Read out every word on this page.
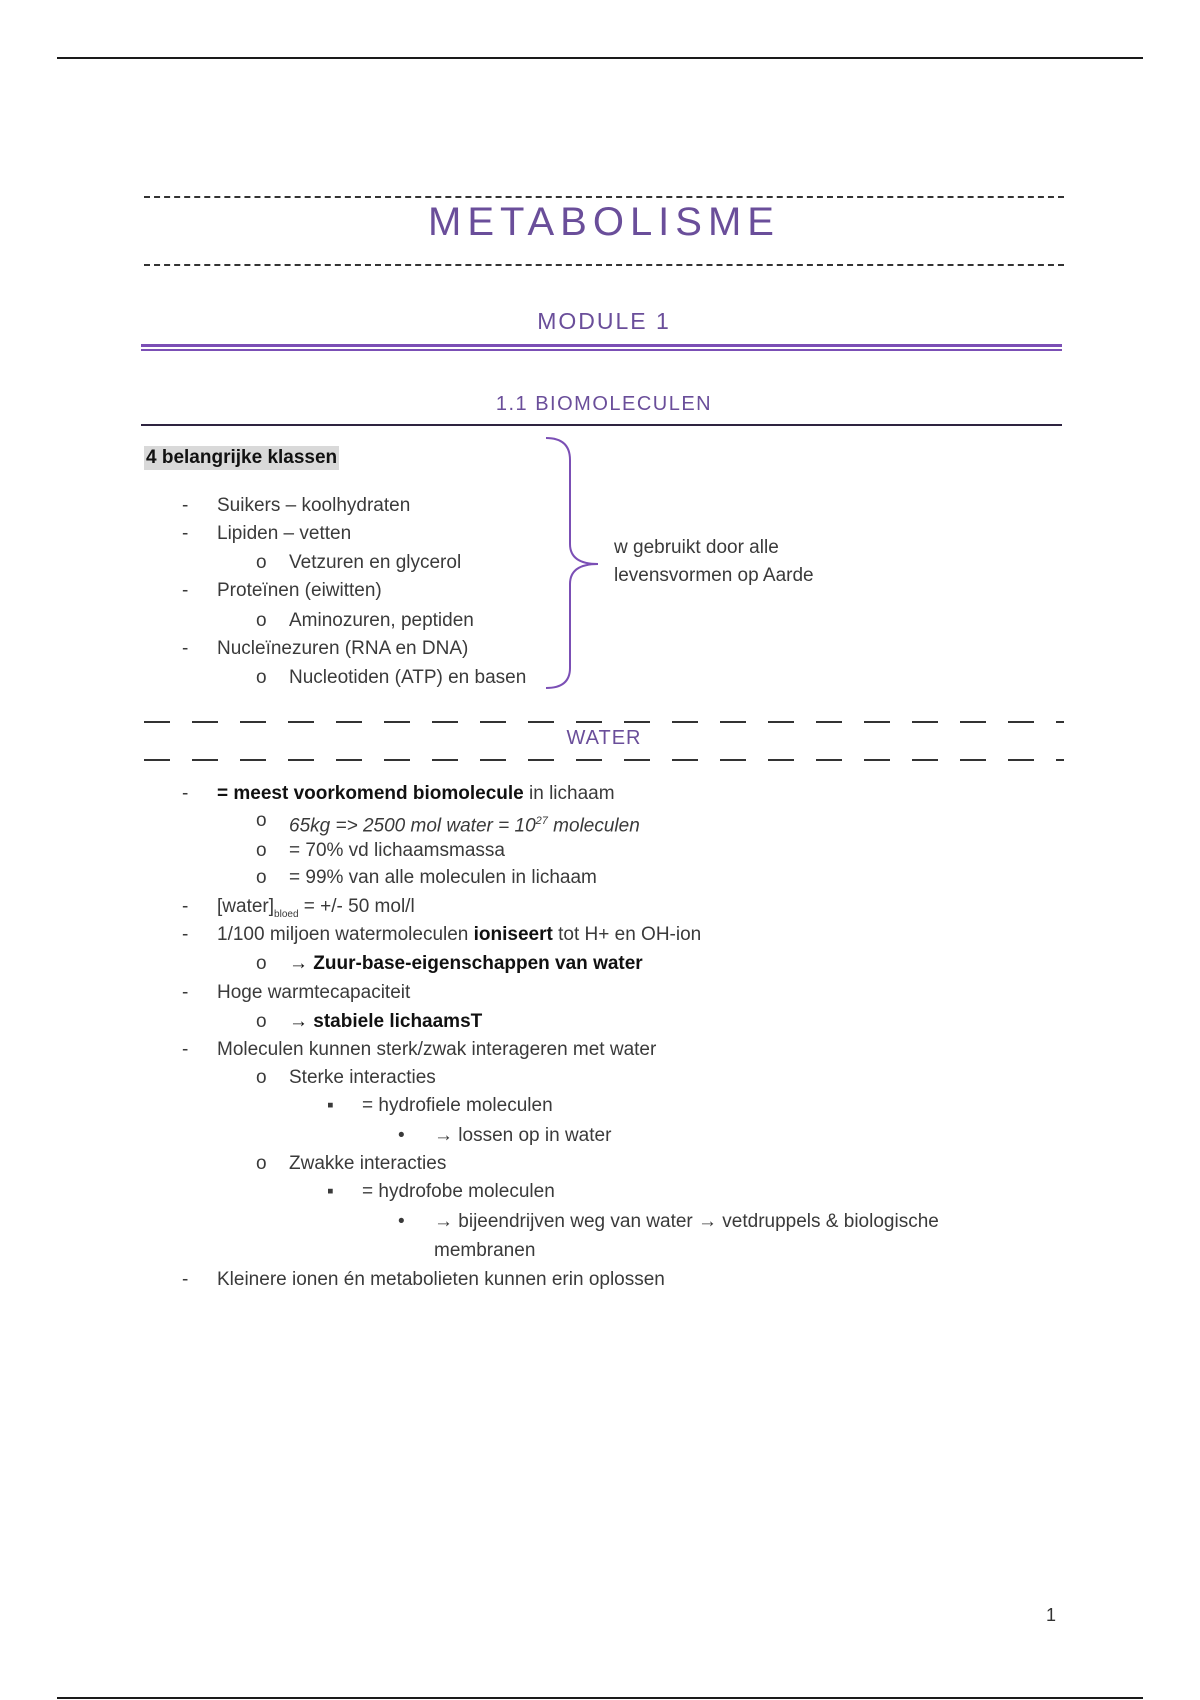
METABOLISME
MODULE 1
1.1 BIOMOLECULEN
4 belangrijke klassen
- Suikers – koolhydraten
- Lipiden – vetten
o Vetzuren en glycerol
- Proteïnen (eiwitten)
o Aminozuren, peptiden
- Nucleïnezuren (RNA en DNA)
o Nucleotiden (ATP) en basen
w gebruikt door alle
levensvormen op Aarde
WATER
- = meest voorkomend biomolecule in lichaam
o 65kg => 2500 mol water = $10^{27}$ moleculen
o = 70% vd lichaamsmassa
o = 99% van alle moleculen in lichaam
- $[water]_{bloed}$ = +/- 50 mol/l
- 1/100 miljoen watermoleculen ioniseert tot H+ en OH-ion
o → Zuur-base-eigenschappen van water
- Hoge warmtecapaciteit
o → stabiele lichaamsT
- Moleculen kunnen sterk/zwak interageren met water
o Sterke interacties
▪ = hydrofiele moleculen
• → lossen op in water
o Zwakke interacties
▪ = hydrofobe moleculen
• → bijeendrijven weg van water → vetdruppels & biologische
membranen
- Kleinere ionen én metabolieten kunnen erin oplossen
1
